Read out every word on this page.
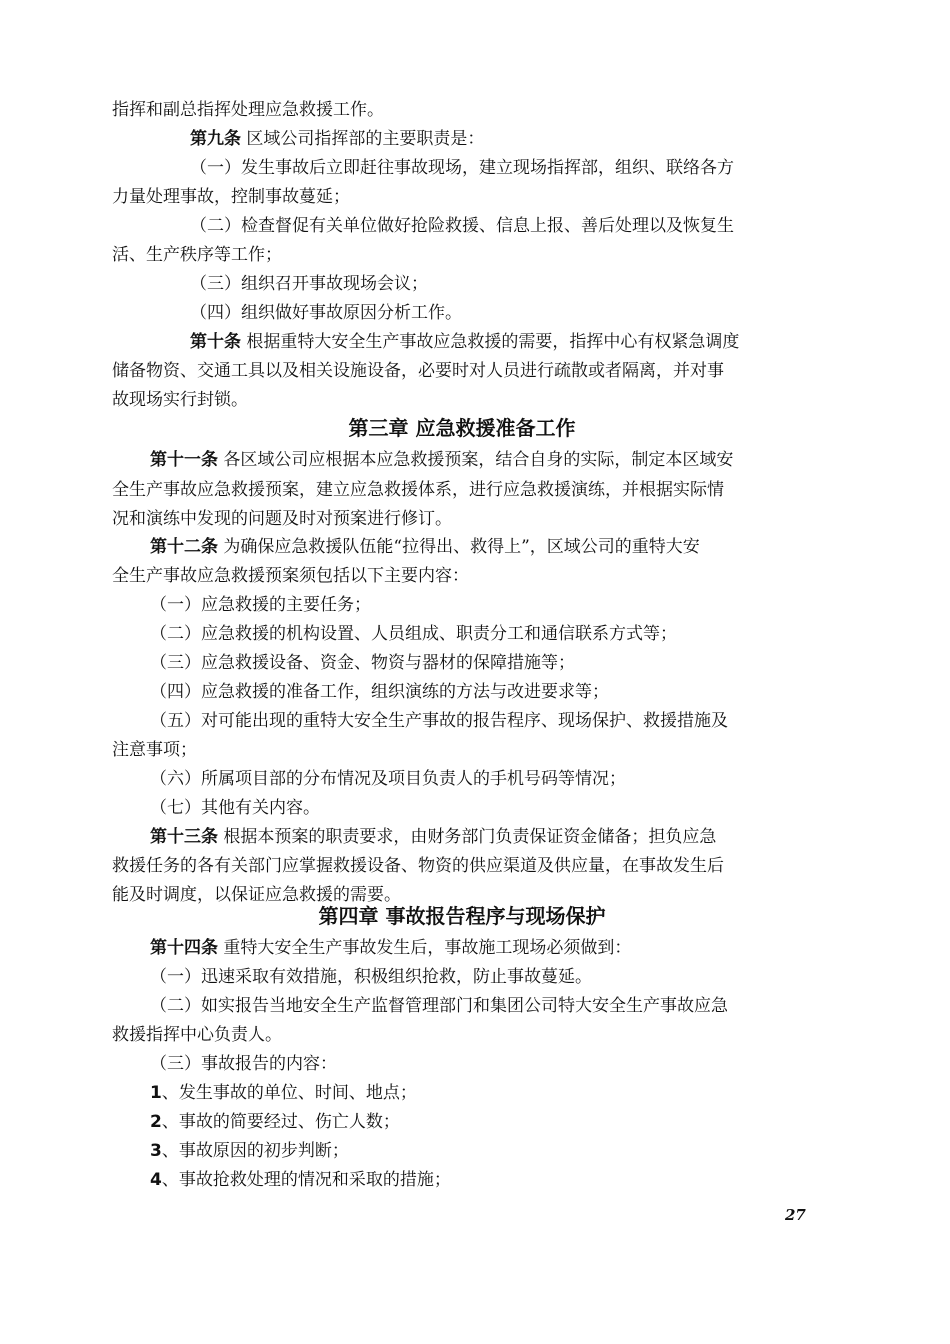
指挥和副总指挥处理应急救援工作。
第九条 区域公司指挥部的主要职责是：
（一）发生事故后立即赶往事故现场，建立现场指挥部，组织、联络各方
力量处理事故，控制事故蔓延；
（二）检查督促有关单位做好抢险救援、信息上报、善后处理以及恢复生
活、生产秩序等工作；
（三）组织召开事故现场会议；
（四）组织做好事故原因分析工作。
第十条 根据重特大安全生产事故应急救援的需要，指挥中心有权紧急调度
储备物资、交通工具以及相关设施设备，必要时对人员进行疏散或者隔离，并对事
故现场实行封锁。
第三章 应急救援准备工作
第十一条 各区域公司应根据本应急救援预案，结合自身的实际，制定本区域安
全生产事故应急救援预案，建立应急救援体系，进行应急救援演练，并根据实际情
况和演练中发现的问题及时对预案进行修订。
第十二条 为确保应急救援队伍能“拉得出、救得上”，区域公司的重特大安
全生产事故应急救援预案须包括以下主要内容：
（一）应急救援的主要任务；
（二）应急救援的机构设置、人员组成、职责分工和通信联系方式等；
（三）应急救援设备、资金、物资与器材的保障措施等；
（四）应急救援的准备工作，组织演练的方法与改进要求等；
（五）对可能出现的重特大安全生产事故的报告程序、现场保护、救援措施及
注意事项；
（六）所属项目部的分布情况及项目负责人的手机号码等情况；
（七）其他有关内容。
第十三条 根据本预案的职责要求，由财务部门负责保证资金储备；担负应急
救援任务的各有关部门应掌握救援设备、物资的供应渠道及供应量，在事故发生后
能及时调度，以保证应急救援的需要。
第四章 事故报告程序与现场保护
第十四条 重特大安全生产事故发生后，事故施工现场必须做到：
（一）迅速采取有效措施，积极组织抢救，防止事故蔓延。
（二）如实报告当地安全生产监督管理部门和集团公司特大安全生产事故应急
救援指挥中心负责人。
（三）事故报告的内容：
1、发生事故的单位、时间、地点；
2、事故的简要经过、伤亡人数；
3、事故原因的初步判断；
4、事故抢救处理的情况和采取的措施；
27
